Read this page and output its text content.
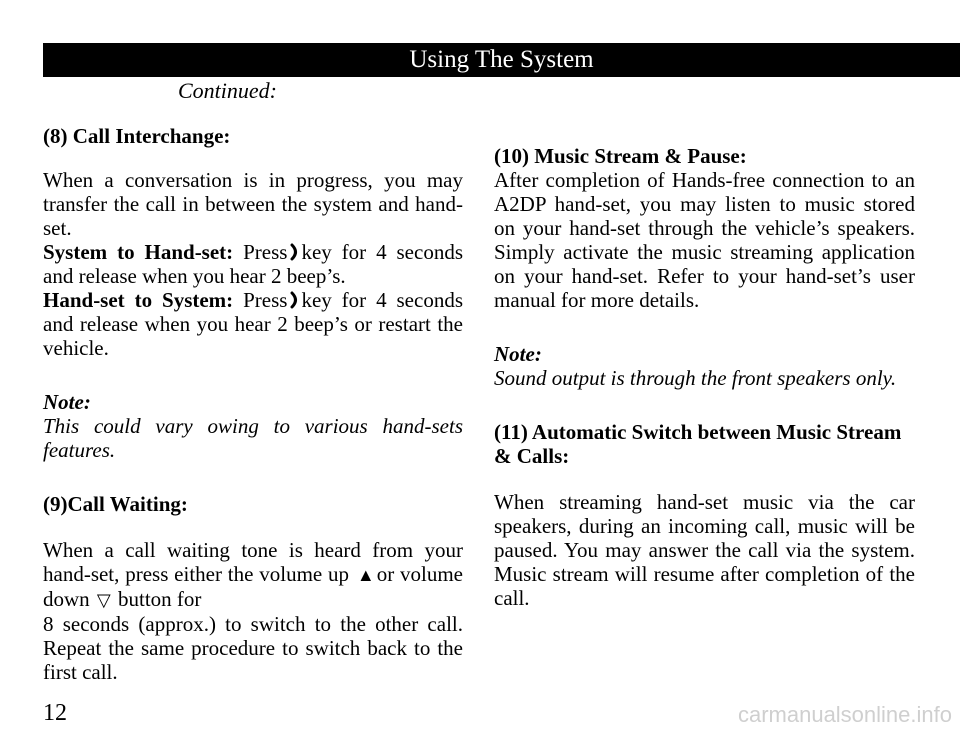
Using The System
Continued:

(8) Call Interchange:

When a conversation is in progress, you may transfer the call in between the system and hand-set.

System to Hand-set: Press key for 4 seconds and release when you hear 2 beep’s.

Hand-set to System: Press key for 4 seconds and release when you hear 2 beep’s or restart the vehicle.

Note:

This could vary owing to various hand-sets features.

(9)Call Waiting:

When a call waiting tone is heard from your hand-set, press either the volume up ▲or volume down ▽ button for

8 seconds (approx.) to switch to the other call. Repeat the same procedure to switch back to the first call.

(10) Music Stream & Pause:

After completion of Hands-free connection to an A2DP hand-set, you may listen to music stored on your hand-set through the vehicle’s speakers. Simply activate the music streaming application on your hand-set. Refer to your hand-set’s user manual for more details.

Note:

Sound output is through the front speakers only.

(11) Automatic Switch between Music Stream & Calls:

When streaming hand-set music via the car speakers, during an incoming call, music will be paused. You may answer the call via the system. Music stream will resume after completion of the call.

12	carmanualsonline.info
